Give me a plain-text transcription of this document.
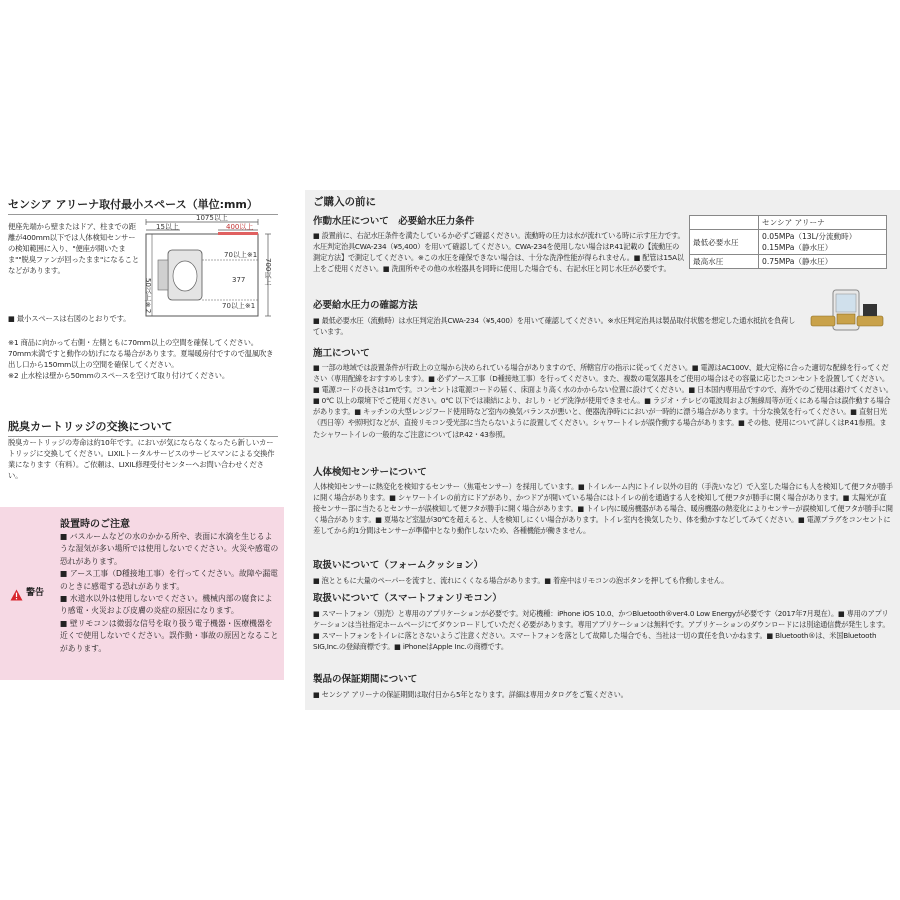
センシア アリーナ取付最小スペース（単位:mm）
便座先端から壁またはドア、柱までの距離が400mm以下では人体検知センサーの検知範囲に入り、"便座が開いたまま""脱臭ファンが回ったまま"になることなどがあります。
■ 最小スペースは右図のとおりです。
1075以上
15以上	400以上
70以上※1
377
70以上※1
700以上
50以上※2
※1 商品に向かって右側・左側ともに70mm以上の空間を確保してください。70mm未満ですと動作の妨げになる場合があります。夏場暖房付ですので温風吹き出し口から150mm以上の空間を確保してください。
※2 止水栓は壁から50mmのスペースを空けて取り付けてください。
脱臭カートリッジの交換について
脱臭カートリッジの寿命は約10年です。においが気にならなくなったら新しいカートリッジに交換してください。LIXILトータルサービスのサービスマンによる交換作業になります（有料）。ご依頼は、LIXIL修理受付センターへお問い合わせください。
設置時のご注意
警告
■ バスルームなどの水のかかる所や、表面に水滴を生じるような湿気が多い場所では使用しないでください。火災や感電の恐れがあります。
■ アース工事（D種接地工事）を行ってください。故障や漏電のときに感電する恐れがあります。
■ 水道水以外は使用しないでください。機械内部の腐食により感電・火災および皮膚の炎症の原因になります。
■ 壁リモコンは微弱な信号を取り扱う電子機器・医療機器を近くで使用しないでください。誤作動・事故の原因となることがあります。
ご購入の前に
作動水圧について　必要給水圧力条件
■ 設置前に、右記水圧条件を満たしているか必ずご確認ください。流動時の圧力は水が流れている時に示す圧力です。水圧判定治具CWA-234（¥5,400）を用いて確認してください。CWA-234を使用しない場合はP.41記載の【流動圧の測定方法】で測定してください。※この水圧を確保できない場合は、十分な洗浄性能が得られません。■ 配管は15A以上をご使用ください。■ 洗面所やその他の水栓器具を同時に使用した場合でも、右記水圧と同じ水圧が必要です。
	センシア アリーナ
最低必要水圧	0.05MPa（13L/分流動時）0.15MPa（静水圧）
最高水圧	0.75MPa（静水圧）
必要給水圧力の確認方法
■ 最低必要水圧（流動時）は水圧判定治具CWA-234（¥5,400）を用いて確認してください。※水圧判定治具は製品取付状態を想定した通水抵抗を負荷しています。
施工について
■ 一部の地域では設置条件が行政上の立場から決められている場合がありますので、所轄官庁の指示に従ってください。■ 電源はAC100V、最大定格に合った適切な配線を行ってください（専用配線をおすすめします）。■ 必ずアース工事（D種接地工事）を行ってください。また、複数の電気器具をご使用の場合はその容量に応じたコンセントを設置してください。■ 電源コードの長さは1mです。コンセントは電源コードの届く、床面より高く水のかからない位置に設けてください。■ 日本国内専用品ですので、海外でのご使用は避けてください。■ 0℃ 以上の環境下でご使用ください。0℃ 以下では凍結により、おしり・ビデ洗浄が使用できません。■ ラジオ・テレビの電波局および無線局等が近くにある場合は誤作動する場合があります。■ キッチンの大型レンジフード使用時など室内の換気バランスが悪いと、便器洗浄時ににおいが一時的に漂う場合があります。十分な換気を行ってください。■ 直射日光（西日等）や照明灯などが、直接リモコン受光部に当たらないように設置してください。シャワートイレが誤作動する場合があります。■ その他、使用について詳しくはP.41参照。またシャワートイレの一般的なご注意についてはP.42・43参照。
人体検知センサーについて
人体検知センサーに熱変化を検知するセンサー（焦電センサー）を採用しています。■ トイレルーム内にトイレ以外の目的（手洗いなど）で入室した場合にも人を検知して便フタが勝手に開く場合があります。■ シャワートイレの前方にドアがあり、かつドアが開いている場合にはトイレの前を通過する人を検知して便フタが勝手に開く場合があります。■ 太陽光が直接センサー部に当たるとセンサーが誤検知して便フタが勝手に開く場合があります。■ トイレ内に暖房機器がある場合、暖房機器の熱変化によりセンサーが誤検知して便フタが勝手に開く場合があります。■ 夏場など室温が30℃を超えると、人を検知しにくい場合があります。トイレ室内を換気したり、体を動かすなどしてみてください。■ 電源プラグをコンセントに差してから約1分間はセンサーが準備中となり動作しないため、各種機能が働きません。
取扱いについて（フォームクッション）
■ 泡とともに大量のペーパーを流すと、流れにくくなる場合があります。■ 着座中はリモコンの泡ボタンを押しても作動しません。
取扱いについて（スマートフォンリモコン）
■ スマートフォン（別売）と専用のアプリケーションが必要です。対応機種：iPhone iOS 10.0、かつBluetooth®ver4.0 Low Energyが必要です（2017年7月現在）。■ 専用のアプリケーションは当社指定ホームページにてダウンロードしていただく必要があります。専用アプリケーションは無料です。アプリケーションのダウンロードには別途通信費が発生します。■ スマートフォンをトイレに落とさないようご注意ください。スマートフォンを落として故障した場合でも、当社は一切の責任を負いかねます。■ Bluetooth®は、米国Bluetooth SIG,Inc.の登録商標です。■ iPhoneはApple Inc.の商標です。
製品の保証期間について
■ センシア アリーナの保証期間は取付日から5年となります。詳細は専用カタログをご覧ください。
